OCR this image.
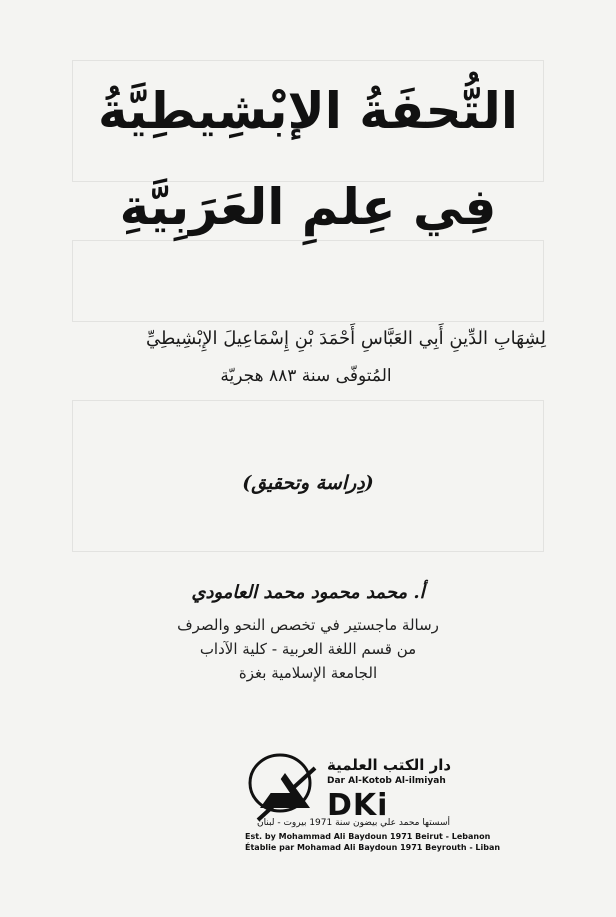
التُّحفَةُ الإبْشِيطِيَّةُ
فِي عِلمِ العَرَبِيَّةِ
لِشِهَابِ الدِّينِ أَبِي العَبَّاسِ أَحْمَدَ بْنِ إِسْمَاعِيلَ الإِبْشِيطِيِّ
المُتوفّى سنة ٨٨٣ هجريّة
(دِراسة وتحقيق)
أ. محمد محمود محمد العامودي
رسالة ماجستير في تخصص النحو والصرف
من قسم اللغة العربية - كلية الآداب
الجامعة الإسلامية بغزة
دار الكتب العلمية
Dar Al-Kotob Al-ilmiyah
DKi
أسستها محمد علي بيضون سنة 1971 بيروت - لبنان
Est. by Mohammad Ali Baydoun 1971 Beirut - Lebanon
Établie par Mohamad Ali Baydoun 1971 Beyrouth - Liban
